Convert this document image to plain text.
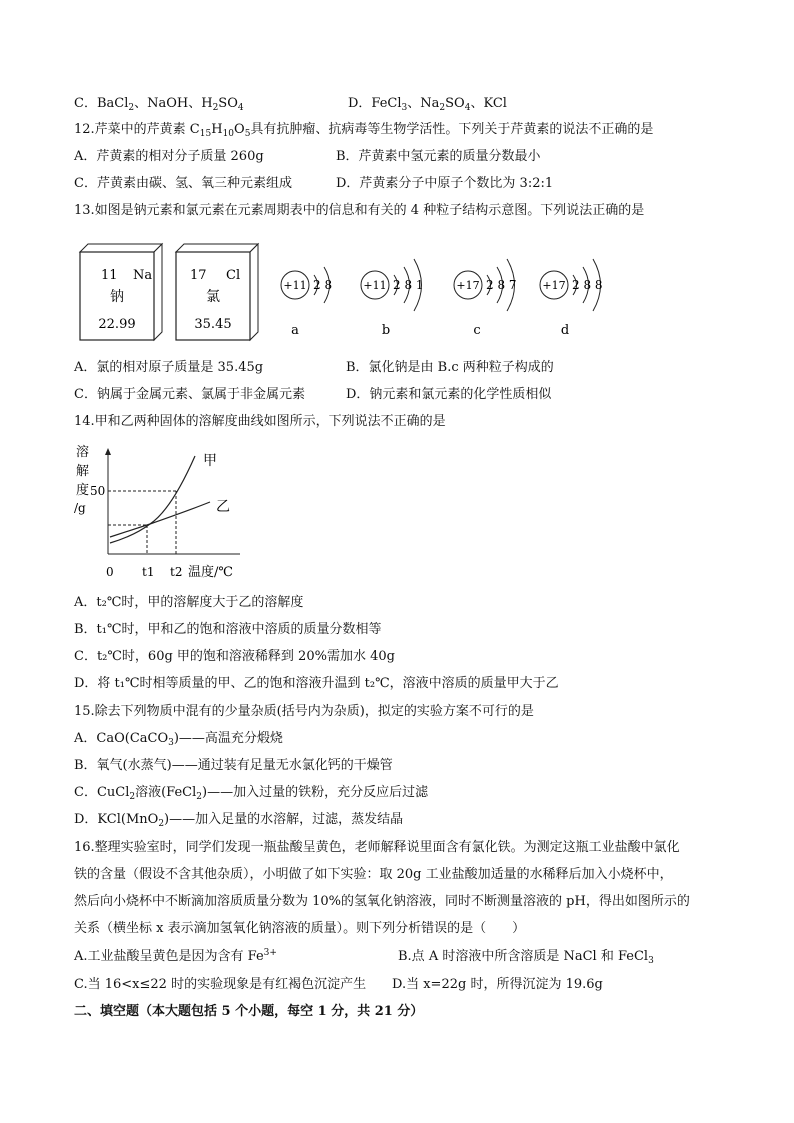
C．BaCl$_2$、NaOH、$H_2SO_4$	D．FeCl$_3$、$Na_2SO_4$、KCl
12.芹菜中的芹黄素 $C_{15}H_{10}O_5$具有抗肿瘤、抗病毒等生物学活性。下列关于芹黄素的说法不正确的是
A．芹黄素的相对分子质量 260g	B．芹黄素中氢元素的质量分数最小
C．芹黄素由碳、氢、氧三种元素组成	D．芹黄素分子中原子个数比为 3:2:1
13.如图是钠元素和氯元素在元素周期表中的信息和有关的 4 种粒子结构示意图。下列说法正确的是
11 Na
钠
22.99
17 Cl
氯
35.45
+11 2 8
a
+11 2 8 1
b
+17 2 8 7
c
+17 2 8 8
d
A．氯的相对原子质量是 35.45g	B．氯化钠是由 B.c 两种粒子构成的
C．钠属于金属元素、氯属于非金属元素	D．钠元素和氯元素的化学性质相似
14.甲和乙两种固体的溶解度曲线如图所示，下列说法不正确的是
溶
解
度
/g
甲
乙
50
0 t1 t2 温度/℃
A．t₂℃时，甲的溶解度大于乙的溶解度
B．t₁℃时，甲和乙的饱和溶液中溶质的质量分数相等
C．t₂℃时，60g 甲的饱和溶液稀释到 20%需加水 40g
D．将 t₁℃时相等质量的甲、乙的饱和溶液升温到 t₂℃，溶液中溶质的质量甲大于乙
15.除去下列物质中混有的少量杂质(括号内为杂质)，拟定的实验方案不可行的是
A．CaO(CaCO$_3$)——高温充分煅烧
B．氧气(水蒸气)——通过装有足量无水氯化钙的干燥管
C．CuCl$_2$溶液(FeCl$_2$)——加入过量的铁粉，充分反应后过滤
D．KCl(MnO$_2$)——加入足量的水溶解，过滤，蒸发结晶
16.整理实验室时，同学们发现一瓶盐酸呈黄色，老师解释说里面含有氯化铁。为测定这瓶工业盐酸中氯化
铁的含量（假设不含其他杂质），小明做了如下实验：取 20g 工业盐酸加适量的水稀释后加入小烧杯中，
然后向小烧杯中不断滴加溶质质量分数为 10%的氢氧化钠溶液，同时不断测量溶液的 pH，得出如图所示的
关系（横坐标 x 表示滴加氢氧化钠溶液的质量）。则下列分析错误的是（　　）
A.工业盐酸呈黄色是因为含有 $Fe^{3+}$	B.点 A 时溶液中所含溶质是 NaCl 和 FeCl$_3$
C.当 16<x≤22 时的实验现象是有红褐色沉淀产生 D.当 x=22g 时，所得沉淀为 19.6g
二、填空题（本大题包括 5 个小题，每空 1 分，共 21 分）
